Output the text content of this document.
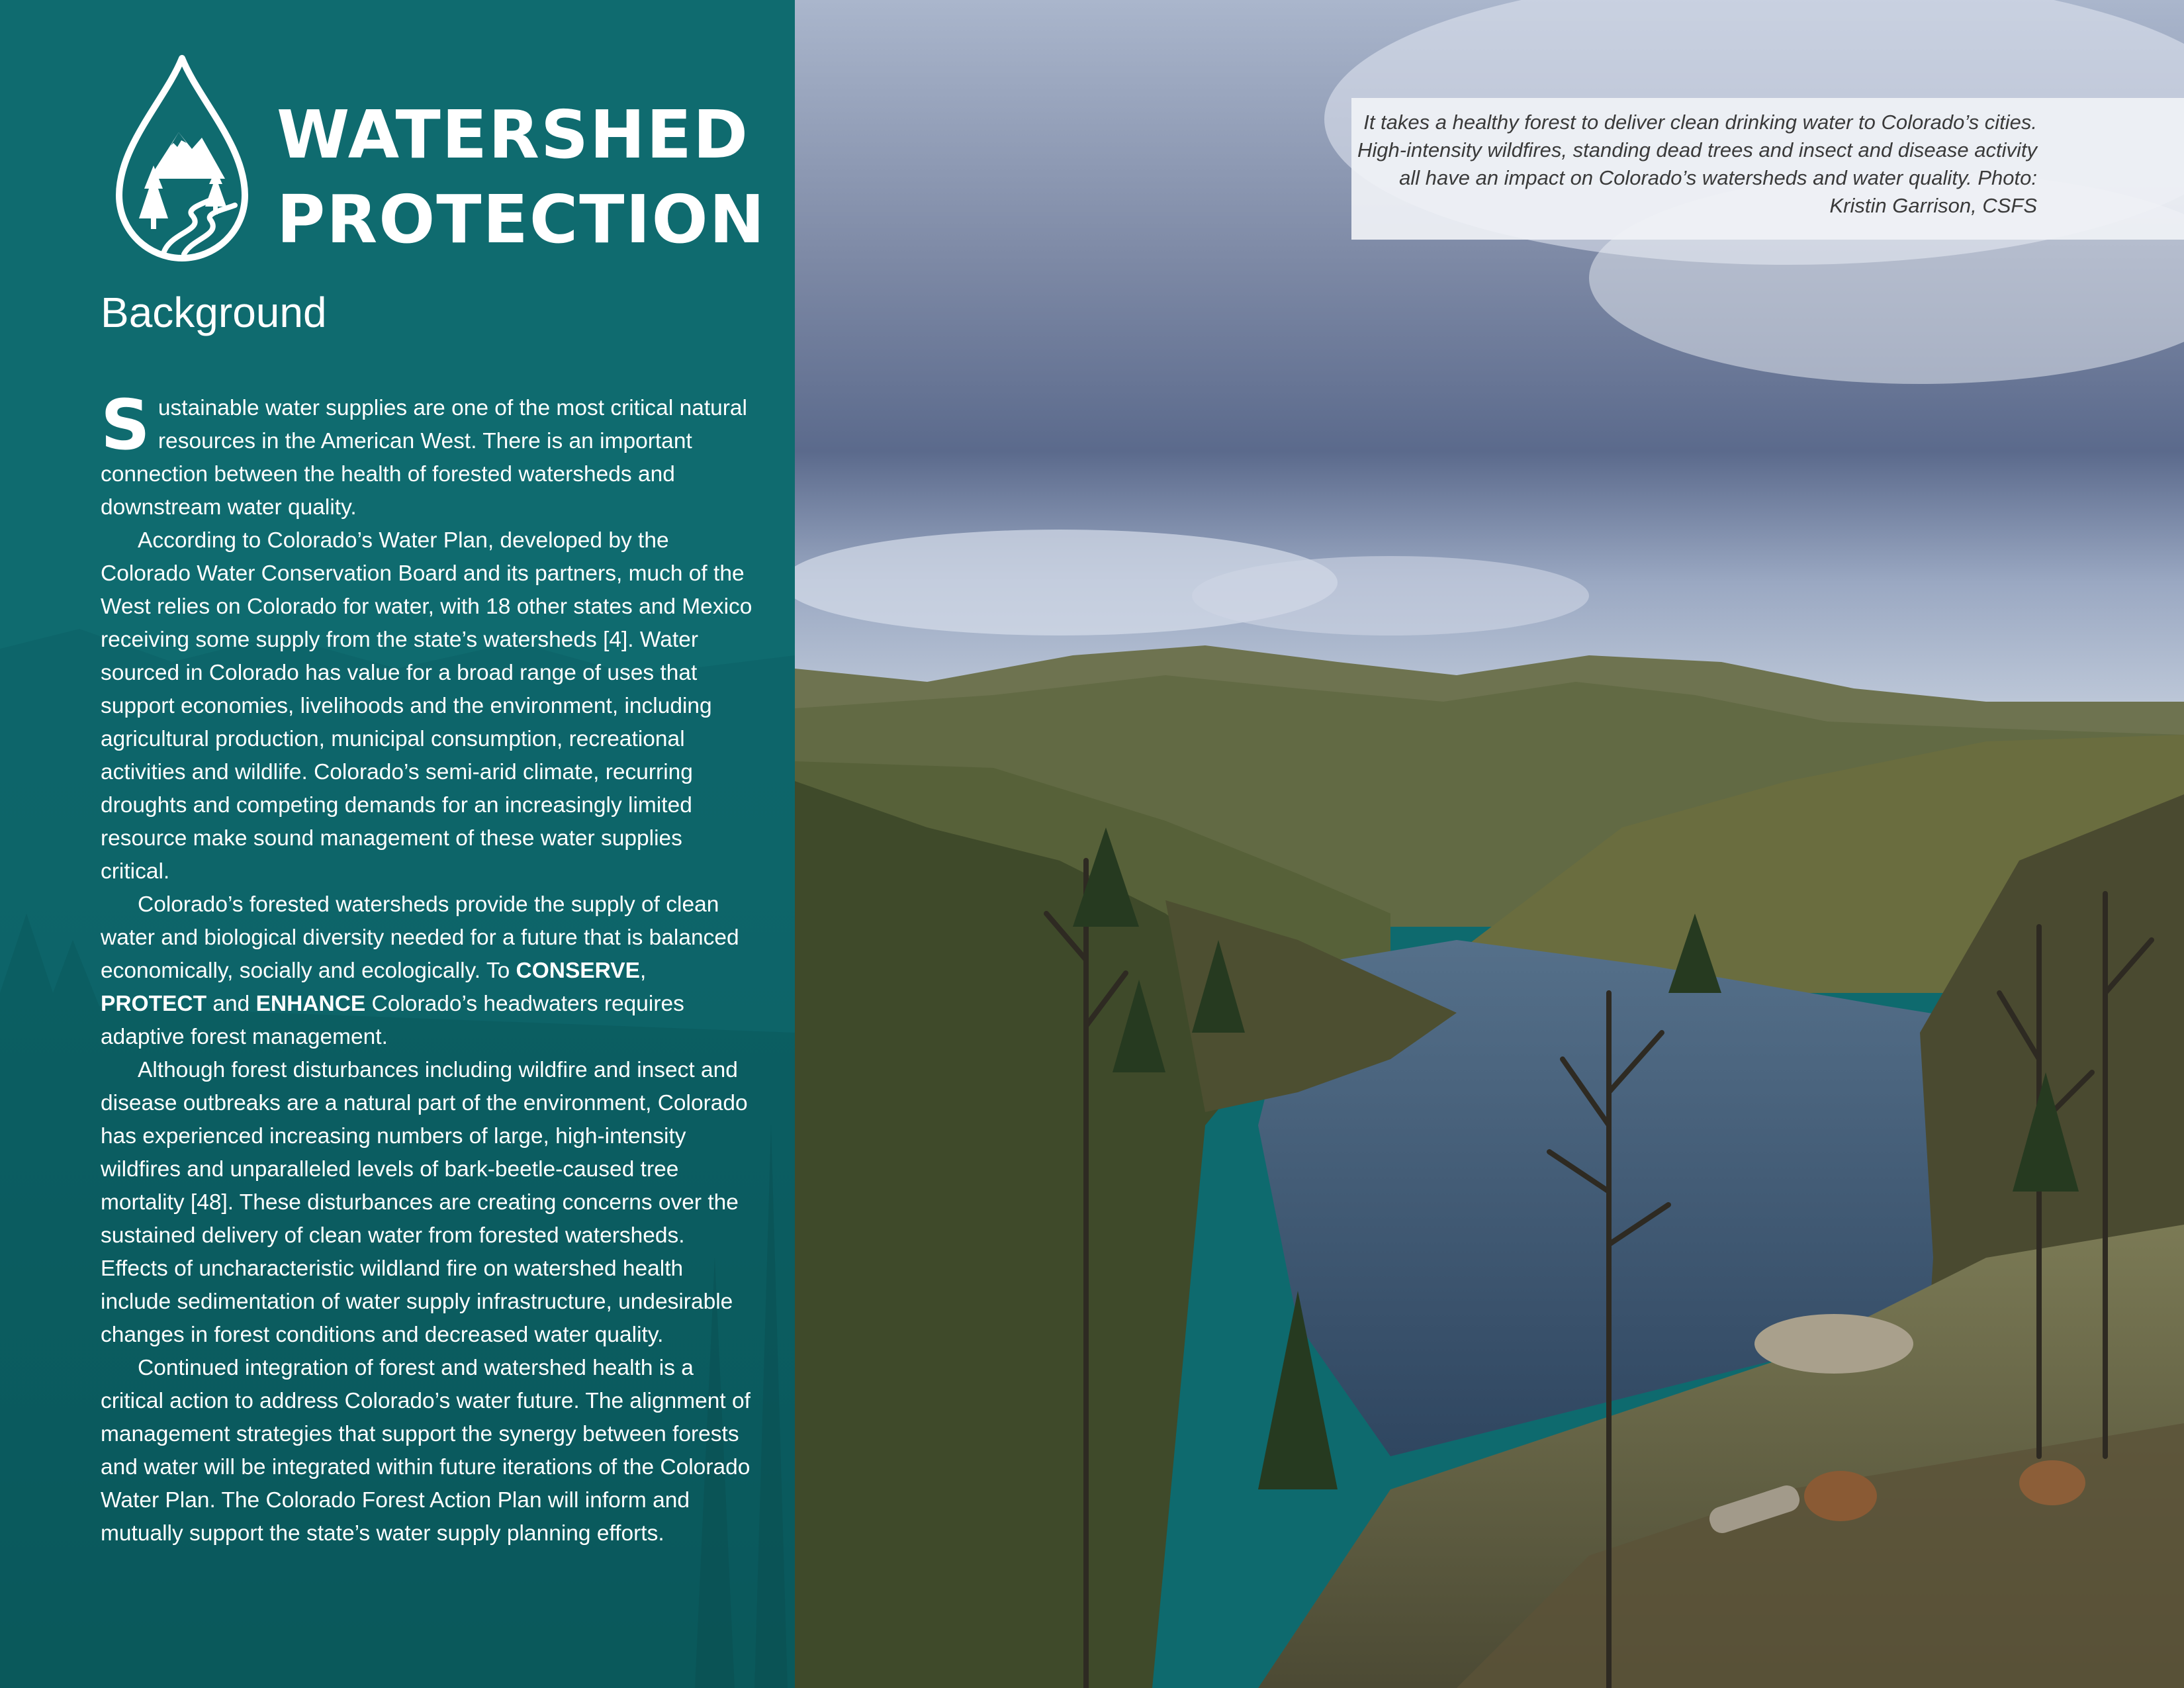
WATERSHED
PROTECTION
Background

Sustainable water supplies are one of the most critical natural resources in the American West. There is an important connection between the health of forested watersheds and downstream water quality.

According to Colorado’s Water Plan, developed by the Colorado Water Conservation Board and its partners, much of the West relies on Colorado for water, with 18 other states and Mexico receiving some supply from the state’s watersheds [4]. Water sourced in Colorado has value for a broad range of uses that support economies, livelihoods and the environment, including agricultural production, municipal consumption, recreational activities and wildlife. Colorado’s semi-arid climate, recurring droughts and competing demands for an increasingly limited resource make sound management of these water supplies critical.

Colorado’s forested watersheds provide the supply of clean water and biological diversity needed for a future that is balanced economically, socially and ecologically. To CONSERVE, PROTECT and ENHANCE Colorado’s headwaters requires adaptive forest management.

Although forest disturbances including wildfire and insect and disease outbreaks are a natural part of the environment, Colorado has experienced increasing numbers of large, high-intensity wildfires and unparalleled levels of bark-beetle-caused tree mortality [48]. These disturbances are creating concerns over the sustained delivery of clean water from forested watersheds. Effects of uncharacteristic wildland fire on watershed health include sedimentation of water supply infrastructure, undesirable changes in forest conditions and decreased water quality.

Continued integration of forest and watershed health is a critical action to address Colorado’s water future. The alignment of management strategies that support the synergy between forests and water will be integrated within future iterations of the Colorado Water Plan. The Colorado Forest Action Plan will inform and mutually support the state’s water supply planning efforts.

It takes a healthy forest to deliver clean drinking water to Colorado’s cities. High-intensity wildfires, standing dead trees and insect and disease activity all have an impact on Colorado’s watersheds and water quality. Photo: Kristin Garrison, CSFS
